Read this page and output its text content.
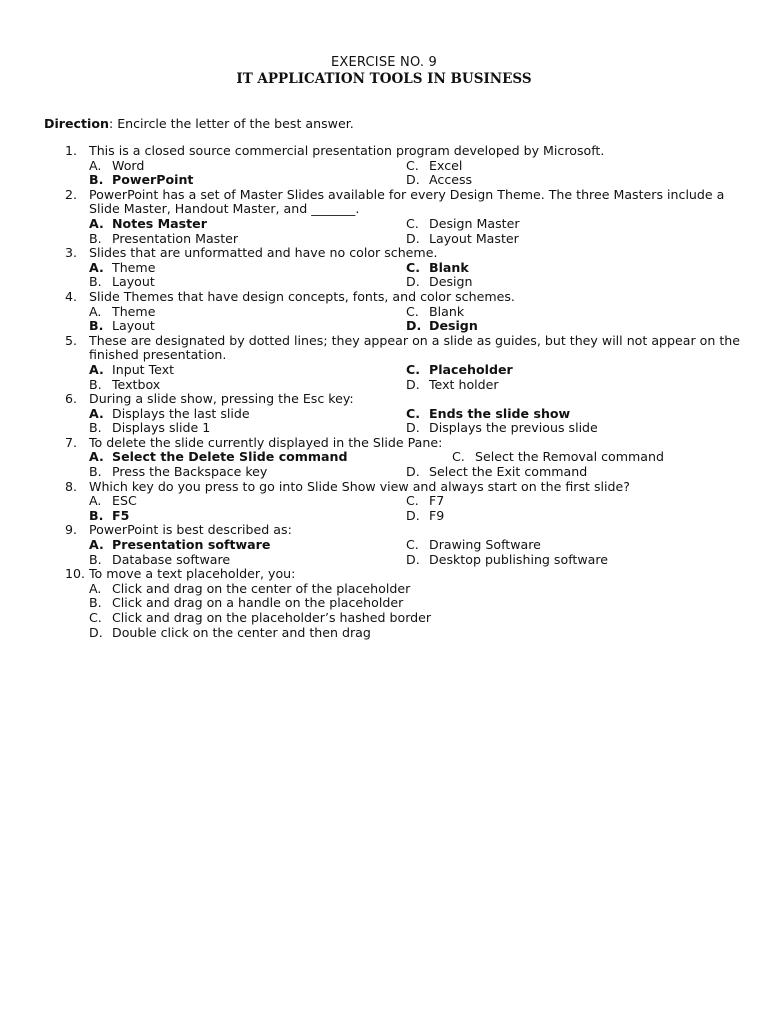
EXERCISE NO. 9
IT APPLICATION TOOLS IN BUSINESS
Direction: Encircle the letter of the best answer.
1. This is a closed source commercial presentation program developed by Microsoft.
A. Word	C. Excel
B. PowerPoint	D. Access
2. PowerPoint has a set of Master Slides available for every Design Theme. The three Masters include a
Slide Master, Handout Master, and _______.
A. Notes Master	C. Design Master
B. Presentation Master	D. Layout Master
3. Slides that are unformatted and have no color scheme.
A. Theme	C. Blank
B. Layout	D. Design
4. Slide Themes that have design concepts, fonts, and color schemes.
A. Theme	C. Blank
B. Layout	D. Design
5. These are designated by dotted lines; they appear on a slide as guides, but they will not appear on the
finished presentation.
A. Input Text	C. Placeholder
B. Textbox	D. Text holder
6. During a slide show, pressing the Esc key:
A. Displays the last slide	C. Ends the slide show
B. Displays slide 1	D. Displays the previous slide
7. To delete the slide currently displayed in the Slide Pane:
A. Select the Delete Slide command	C. Select the Removal command
B. Press the Backspace key	D. Select the Exit command
8. Which key do you press to go into Slide Show view and always start on the first slide?
A. ESC	C. F7
B. F5	D. F9
9. PowerPoint is best described as:
A. Presentation software	C. Drawing Software
B. Database software	D. Desktop publishing software
10. To move a text placeholder, you:
A. Click and drag on the center of the placeholder
B. Click and drag on a handle on the placeholder
C. Click and drag on the placeholder’s hashed border
D. Double click on the center and then drag
